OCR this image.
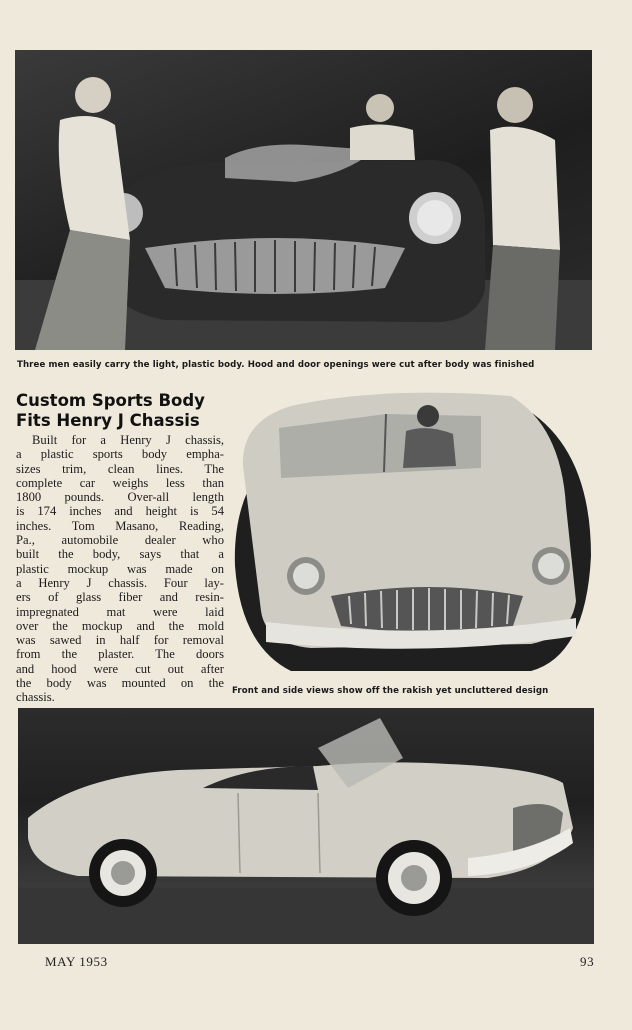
Three men easily carry the light, plastic body. Hood and door openings were cut after body was finished
Custom Sports Body
Fits Henry J Chassis
Built for a Henry J chassis,
a plastic sports body empha-
sizes trim, clean lines. The
complete car weighs less than
1800 pounds. Over-all length
is 174 inches and height is 54
inches. Tom Masano, Reading,
Pa., automobile dealer who
built the body, says that a
plastic mockup was made on
a Henry J chassis. Four lay-
ers of glass fiber and resin-
impregnated mat were laid
over the mockup and the mold
was sawed in half for removal
from the plaster. The doors
and hood were cut out after
the body was mounted on the
chassis.	Front and side views show off the rakish yet uncluttered design
MAY 1953	93
